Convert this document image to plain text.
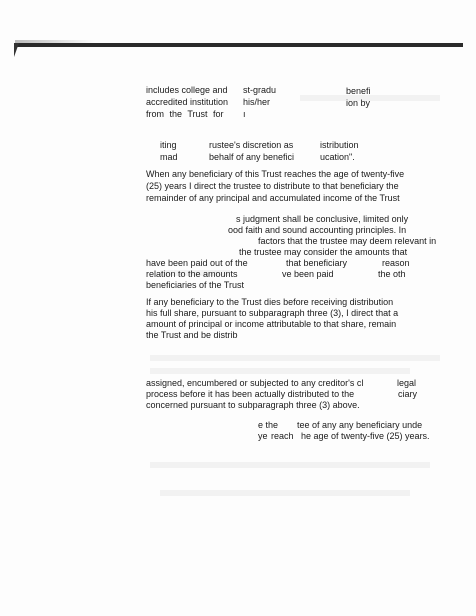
includes college and st-gradu	benefi
accredited institution his/her	ion by
from the Trust for ı
iting	rustee's discretion as	istribution
mad	behalf of any benefici	ucation".
When any beneficiary of this Trust reaches the age of twenty-five
(25) years I direct the trustee to distribute to that beneficiary the
remainder of any principal and accumulated income of the Trust
s judgment shall be conclusive, limited only
ood faith and sound accounting principles. In
factors that the trustee may deem relevant in
the trustee may consider the amounts that
have been paid out of the	that beneficiary	reason
relation to the amounts	ve been paid	the oth
beneficiaries of the Trust
If any beneficiary to the Trust dies before receiving distribution
his full share, pursuant to subparagraph three (3), I direct that a
amount of principal or income attributable to that share, remain
the Trust and be distrib
assigned, encumbered or subjected to any creditor's cl	legal
process before it has been actually distributed to the	ciary
concerned pursuant to subparagraph three (3) above.
e the tee of any any beneficiary unde
ye reach he age of twenty-five (25) years.
